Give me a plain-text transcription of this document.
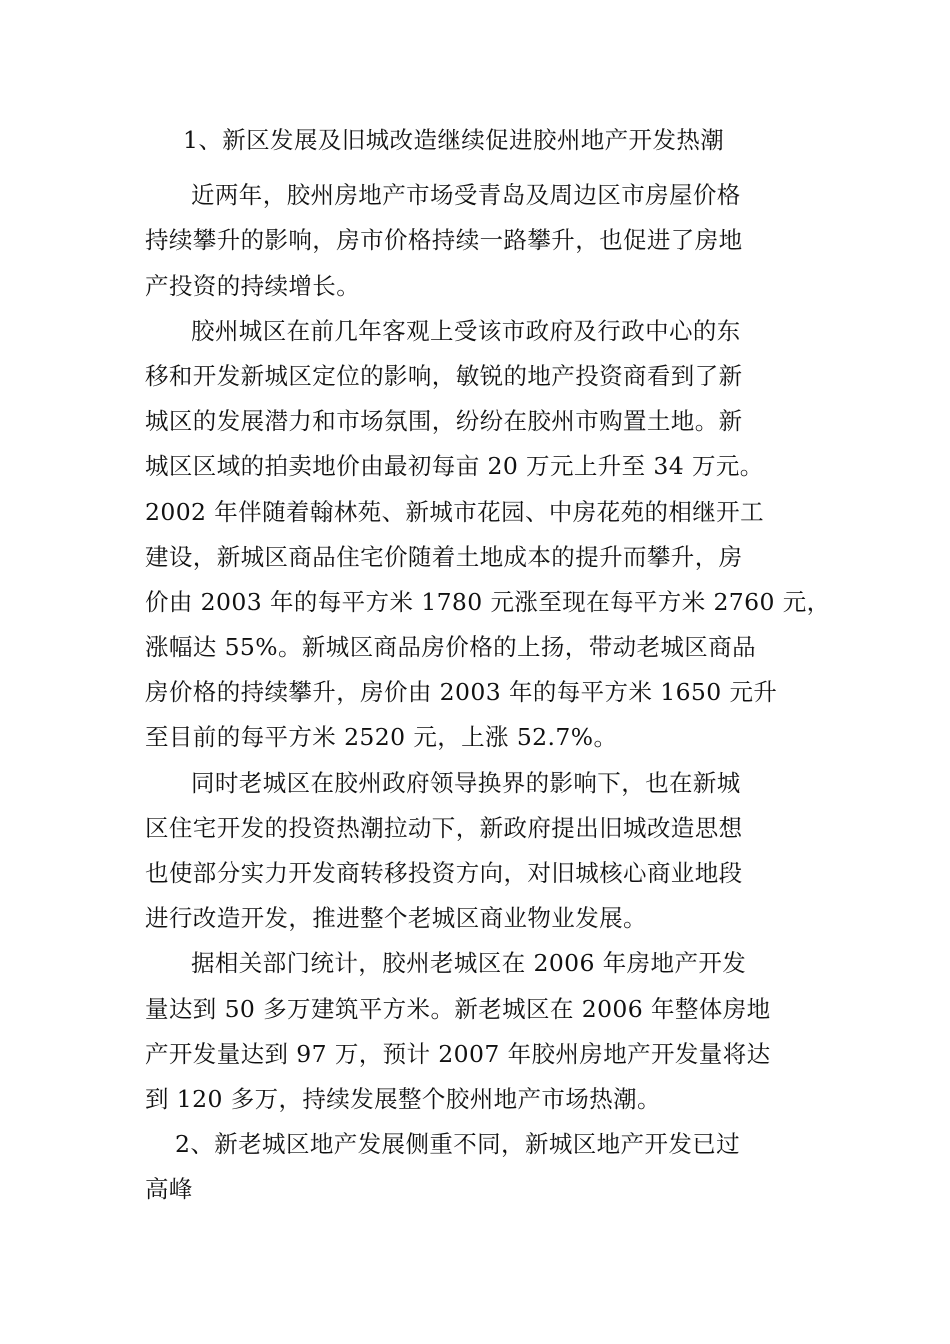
1、新区发展及旧城改造继续促进胶州地产开发热潮
近两年，胶州房地产市场受青岛及周边区市房屋价格
持续攀升的影响，房市价格持续一路攀升，也促进了房地
产投资的持续增长。
胶州城区在前几年客观上受该市政府及行政中心的东
移和开发新城区定位的影响，敏锐的地产投资商看到了新
城区的发展潜力和市场氛围，纷纷在胶州市购置土地。新
城区区域的拍卖地价由最初每亩 20 万元上升至 34 万元。
2002 年伴随着翰林苑、新城市花园、中房花苑的相继开工
建设，新城区商品住宅价随着土地成本的提升而攀升，房
价由 2003 年的每平方米 1780 元涨至现在每平方米 2760 元，
涨幅达 55%。新城区商品房价格的上扬，带动老城区商品
房价格的持续攀升，房价由 2003 年的每平方米 1650 元升
至目前的每平方米 2520 元，上涨 52.7%。
同时老城区在胶州政府领导换界的影响下，也在新城
区住宅开发的投资热潮拉动下，新政府提出旧城改造思想
也使部分实力开发商转移投资方向，对旧城核心商业地段
进行改造开发，推进整个老城区商业物业发展。
据相关部门统计，胶州老城区在 2006 年房地产开发
量达到 50 多万建筑平方米。新老城区在 2006 年整体房地
产开发量达到 97 万，预计 2007 年胶州房地产开发量将达
到 120 多万，持续发展整个胶州地产市场热潮。
2、新老城区地产发展侧重不同，新城区地产开发已过
高峰
